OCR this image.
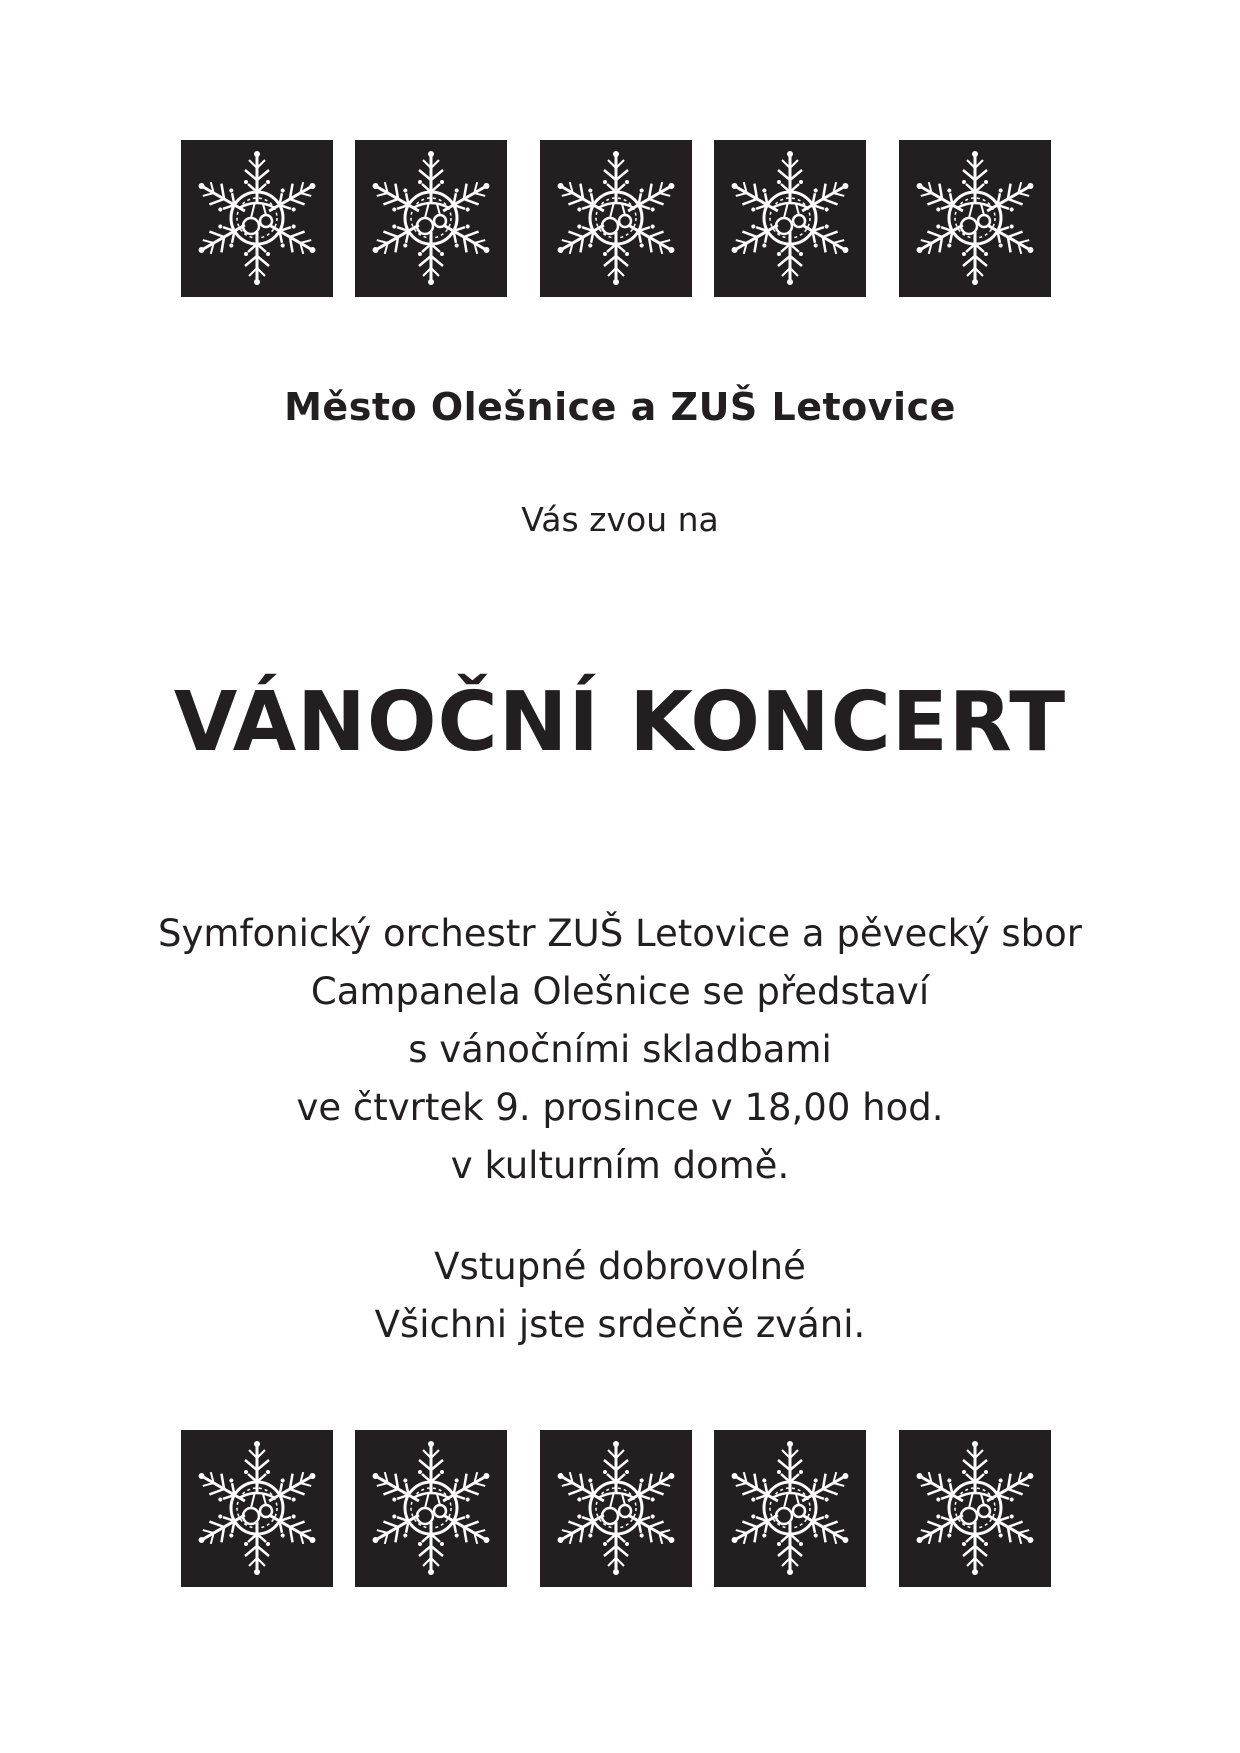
Město Olešnice a ZUŠ Letovice
Vás zvou na
VÁNOČNÍ KONCERT
Symfonický orchestr ZUŠ Letovice a pěvecký sbor
Campanela Olešnice se představí
s vánočními skladbami
ve čtvrtek 9. prosince v 18,00 hod.
v kulturním domě.
Vstupné dobrovolné
Všichni jste srdečně zváni.
